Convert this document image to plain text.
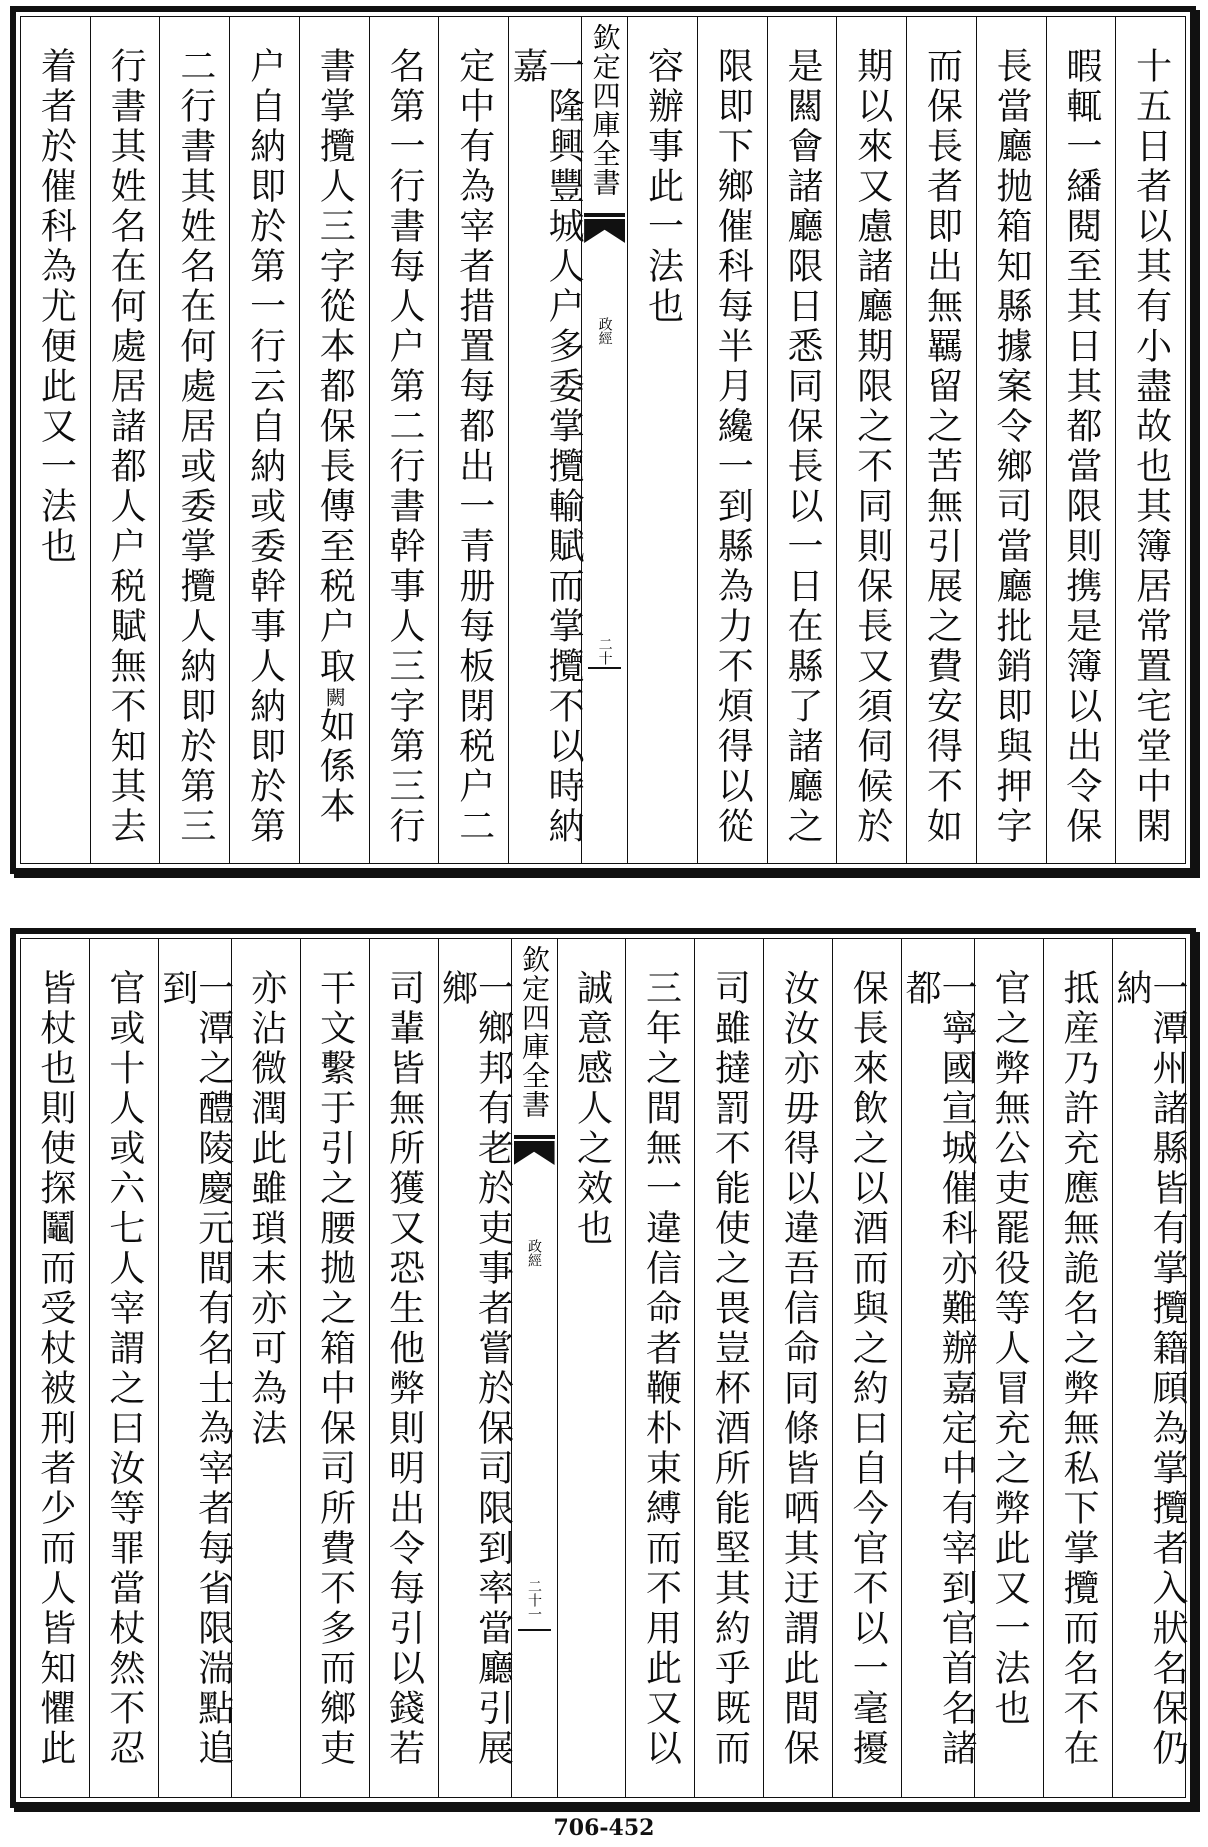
十五日者以其有小盡故也其簿居常置宅堂中閑
暇輒一繙閱至其日其都當限則携是簿以出令保
長當廳抛箱知縣據案令鄉司當廳批銷即與押字
而保長者即出無羈留之苦無引展之費安得不如
期以來又慮諸廳期限之不同則保長又須伺候於
是闗會諸廳限日悉同保長以一日在縣了諸廳之
限即下鄉催科每半月纔一到縣為力不煩得以從
容辦事此一法也
欽定四庫全書
政經
二十
一隆興豐城人户多委掌攬輸賦而掌攬不以時納嘉
定中有為宰者措置每都出一青册每板閉税户二
名第一行書每人户第二行書幹事人三字第三行
書掌攬人三字從本都保長傳至税户取
闕
如係本
户自納即於第一行云自納或委幹事人納即於第
二行書其姓名在何處居或委掌攬人納即於第三
行書其姓名在何處居諸都人户税賦無不知其去
着者於催科為尤便此又一法也
一潭州諸縣皆有掌攬籍頋為掌攬者入狀名保仍納
抵産乃許充應無詭名之弊無私下掌攬而名不在
官之弊無公吏罷役等人冒充之弊此又一法也
一寧國宣城催科亦難辦嘉定中有宰到官首名諸都
保長來飲之以酒而與之約曰自今官不以一毫擾
汝汝亦毋得以違吾信命同條皆哂其迂謂此間保
司雖撻罰不能使之畏豈杯酒所能堅其約乎既而
三年之間無一違信命者鞭朴束縛而不用此又以
誠意感人之效也
欽定四庫全書
政經
二十一
一鄉邦有老於吏事者嘗於保司限到率當廳引展鄉
司輩皆無所獲又恐生他弊則明出令每引以錢若
干文繫于引之腰拋之箱中保司所費不多而鄉吏
亦沾微潤此雖瑣末亦可為法
一潭之醴陵慶元間有名士為宰者每省限湍點追到
官或十人或六七人宰謂之曰汝等罪當杖然不忍
皆杖也則使探鬮而受杖被刑者少而人皆知懼此
706-452
